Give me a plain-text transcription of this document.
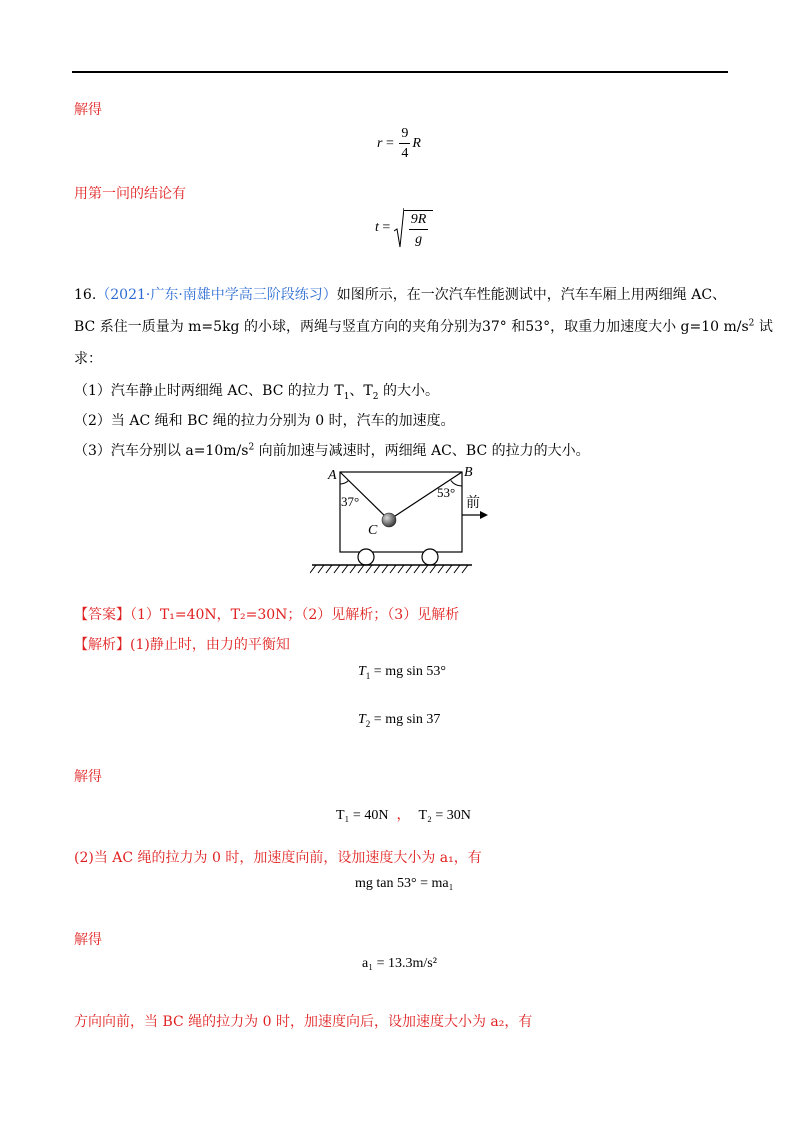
解得
$r = \frac{9}{4}$ R
用第一问的结论有
$t = \frac{9R}{g}$
16.（2021·广东·南雄中学高三阶段练习）如图所示，在一次汽车性能测试中，汽车车厢上用两细绳 AC、
BC 系住一质量为 m=5kg 的小球，两绳与竖直方向的夹角分别为37° 和53°，取重力加速度大小 g=10 $m/s^2$ 试
求：
（1）汽车静止时两细绳 AC、BC 的拉力 $T_1$、$T_2$ 的大小。
（2）当 AC 绳和 BC 绳的拉力分别为 0 时，汽车的加速度。
（3）汽车分别以 $a=10m/s^2$ 向前加速与减速时，两细绳 AC、BC 的拉力的大小。
A	B
C
37°
53°
前
【答案】（1）T₁=40N，T₂=30N；（2）见解析；（3）见解析
【解析】(1)静止时，由力的平衡知
$T_1$ = mg sin 53°
$T_2$ = mg sin 37
解得
T₁ = 40N ， T₂ = 30N
(2)当 AC 绳的拉力为 0 时，加速度向前，设加速度大小为 a₁，有
mg tan 53° = ma₁
解得
a₁ = 13.3m/s²
方向向前，当 BC 绳的拉力为 0 时，加速度向后，设加速度大小为 a₂，有
